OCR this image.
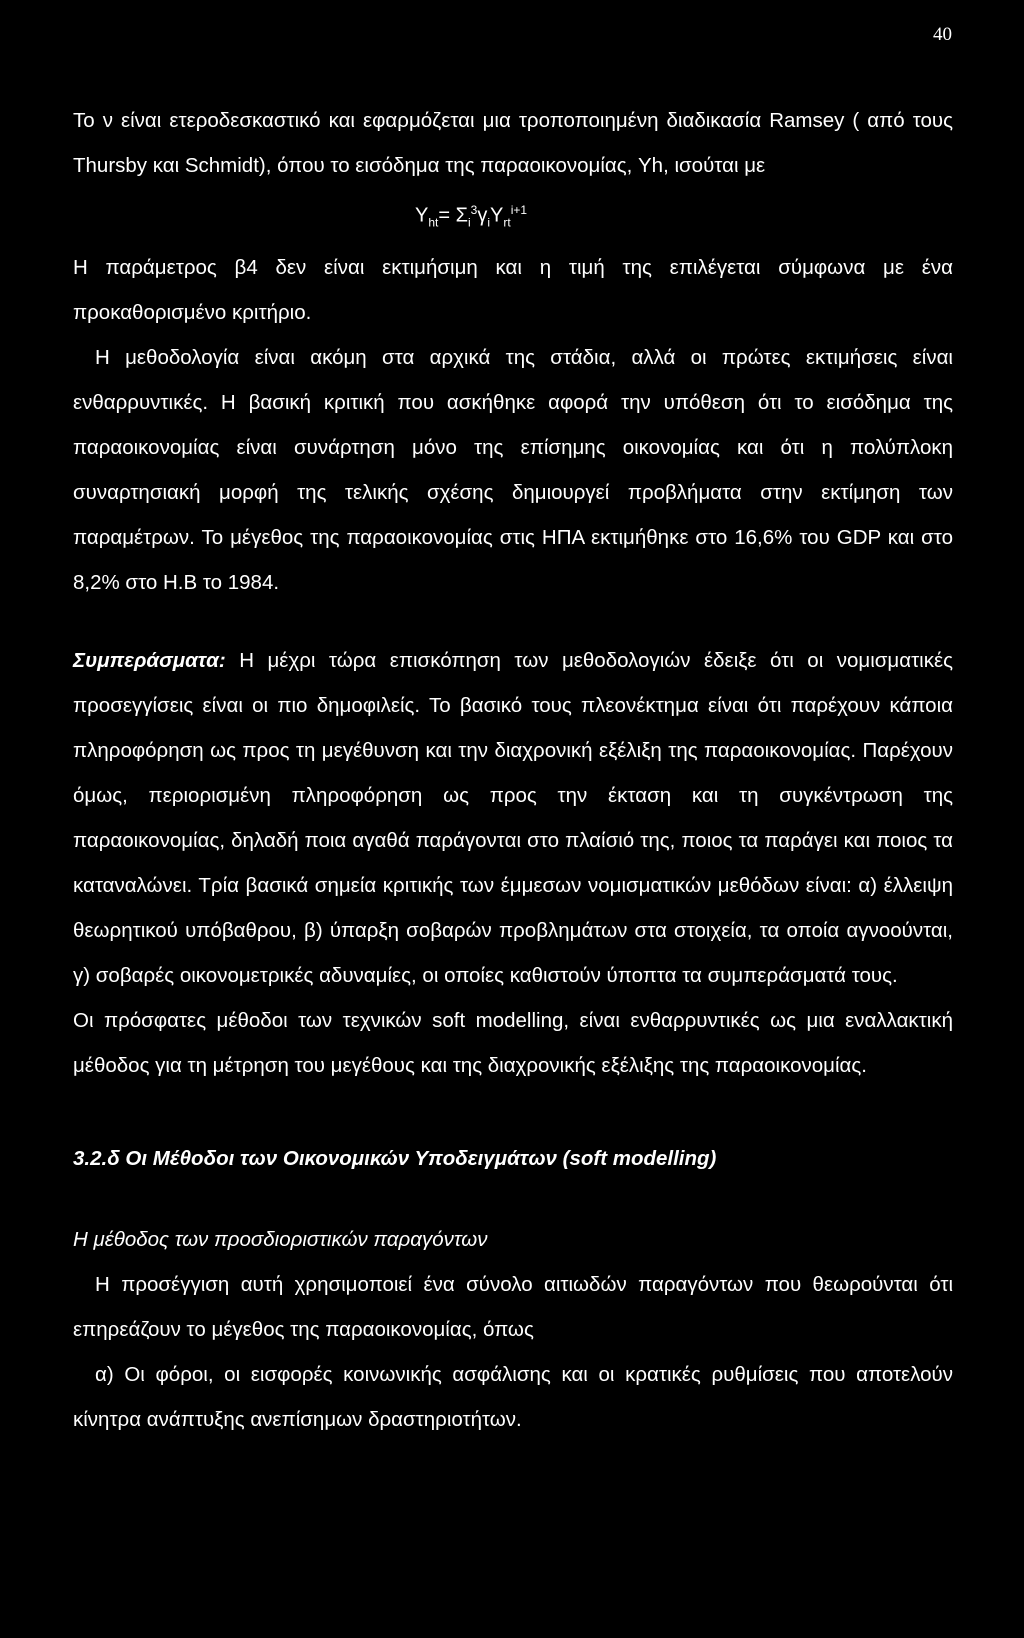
40

Το ν είναι ετεροδεσκαστικό και εφαρμόζεται μια τροποποιημένη διαδικασία Ramsey ( από τους Thursby και Schmidt), όπου το εισόδημα της παραοικονομίας, Yh, ισούται με

$Y_{ht}= \Sigma_i^3\gamma_iY_{rt}^{i+1}$

Η παράμετρος β4 δεν είναι εκτιμήσιμη και η τιμή της επιλέγεται σύμφωνα με ένα προκαθορισμένο κριτήριο.

Η μεθοδολογία είναι ακόμη στα αρχικά της στάδια, αλλά οι πρώτες εκτιμήσεις είναι ενθαρρυντικές. Η βασική κριτική που ασκήθηκε αφορά την υπόθεση ότι το εισόδημα της παραοικονομίας είναι συνάρτηση μόνο της επίσημης οικονομίας και ότι η πολύπλοκη συναρτησιακή μορφή της τελικής σχέσης δημιουργεί προβλήματα στην εκτίμηση των παραμέτρων. Το μέγεθος της παραοικονομίας στις ΗΠΑ εκτιμήθηκε στο 16,6% του GDP και στο 8,2% στο Η.Β το 1984.

Συμπεράσματα: Η μέχρι τώρα επισκόπηση των μεθοδολογιών έδειξε ότι οι νομισματικές προσεγγίσεις είναι οι πιο δημοφιλείς. Το βασικό τους πλεονέκτημα είναι ότι παρέχουν κάποια πληροφόρηση ως προς τη μεγέθυνση και την διαχρονική εξέλιξη της παραοικονομίας. Παρέχουν όμως, περιορισμένη πληροφόρηση ως προς την έκταση και τη συγκέντρωση της παραοικονομίας, δηλαδή ποια αγαθά παράγονται στο πλαίσιό της, ποιος τα παράγει και ποιος τα καταναλώνει. Τρία βασικά σημεία κριτικής των έμμεσων νομισματικών μεθόδων είναι: α) έλλειψη θεωρητικού υπόβαθρου, β) ύπαρξη σοβαρών προβλημάτων στα στοιχεία, τα οποία αγνοούνται, γ) σοβαρές οικονομετρικές αδυναμίες, οι οποίες καθιστούν ύποπτα τα συμπεράσματά τους.

Οι πρόσφατες μέθοδοι των τεχνικών soft modelling, είναι ενθαρρυντικές ως μια εναλλακτική μέθοδος για τη μέτρηση του μεγέθους και της διαχρονικής εξέλιξης της παραοικονομίας.

3.2.δ Οι Μέθοδοι των Οικονομικών Υποδειγμάτων (soft modelling)

Η μέθοδος των προσδιοριστικών παραγόντων

Η προσέγγιση αυτή χρησιμοποιεί ένα σύνολο αιτιωδών παραγόντων που θεωρούνται ότι επηρεάζουν το μέγεθος της παραοικονομίας, όπως

α) Οι φόροι, οι εισφορές κοινωνικής ασφάλισης και οι κρατικές ρυθμίσεις που αποτελούν κίνητρα ανάπτυξης ανεπίσημων δραστηριοτήτων.
